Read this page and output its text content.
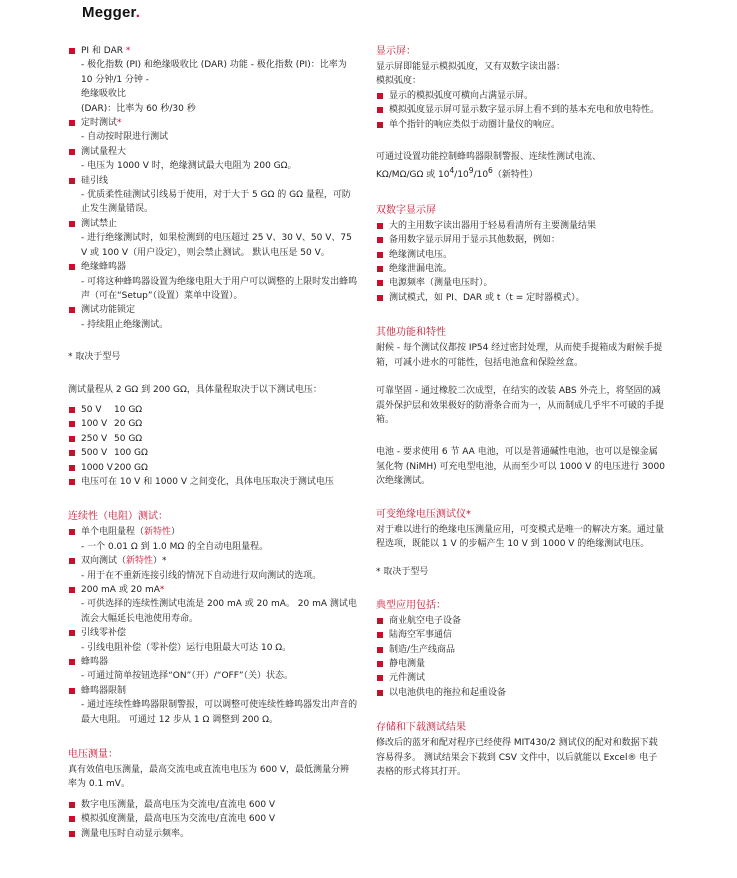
Megger.
PI 和 DAR *
- 极化指数 (PI) 和绝缘吸收比 (DAR) 功能 - 极化指数 (PI)：比率为 10 分钟/1 分钟 -
绝缘吸收比
(DAR)：比率为 60 秒/30 秒
定时测试*
- 自动按时限进行测试
测试量程大
- 电压为 1000 V 时，绝缘测试最大电阻为 200 GΩ。
硅引线
- 优质柔性硅测试引线易于使用，对于大于 5 GΩ 的 GΩ 量程，可防止发生测量错误。
测试禁止
- 进行绝缘测试时，如果检测到的电压超过 25 V、30 V、50 V、75 V 或 100 V（用户设定），则会禁止测试。 默认电压是 50 V。
绝缘蜂鸣器
- 可将这种蜂鸣器设置为绝缘电阻大于用户可以调整的上限时发出蜂鸣声（可在“Setup”（设置）菜单中设置）。
测试功能锁定
- 持续阻止绝缘测试。
* 取决于型号
测试量程从 2 GΩ 到 200 GΩ，具体量程取决于以下测试电压：
50 V 10 GΩ
100 V 20 GΩ
250 V 50 GΩ
500 V 100 GΩ
1000 V200 GΩ
电压可在 10 V 和 1000 V 之间变化，具体电压取决于测试电压
连续性（电阻）测试：
单个电阻量程（新特性）
- 一个 0.01 Ω 到 1.0 MΩ 的全自动电阻量程。
双向测试（新特性）*
- 用于在不重新连接引线的情况下自动进行双向测试的选项。
200 mA 或 20 mA*
- 可供选择的连续性测试电流是 200 mA 或 20 mA。 20 mA 测试电流会大幅延长电池使用寿命。
引线零补偿
- 引线电阻补偿（零补偿）运行电阻最大可达 10 Ω。
蜂鸣器
- 可通过简单按钮选择“ON”（开）/“OFF”（关）状态。
蜂鸣器限制
- 通过连续性蜂鸣器限制警报，可以调整可使连续性蜂鸣器发出声音的最大电阻。 可通过 12 步从 1 Ω 调整到 200 Ω。
电压测量：
真有效值电压测量，最高交流电或直流电电压为 600 V，最低测量分辨率为 0.1 mV。
数字电压测量，最高电压为交流电/直流电 600 V
模拟弧度测量，最高电压为交流电/直流电 600 V
测量电压时自动显示频率。
显示屏：
显示屏即能显示模拟弧度，又有双数字读出器：
模拟弧度：
显示的模拟弧度可横向占满显示屏。
模拟弧度显示屏可显示数字显示屏上看不到的基本充电和放电特性。
单个指针的响应类似于动圈计量仪的响应。
可通过设置功能控制蜂鸣器限制警报、连续性测试电流、
KΩ/MΩ/GΩ 或 $10^4/10^9/10^6$（新特性）
双数字显示屏
大的主用数字读出器用于轻易看清所有主要测量结果
备用数字显示屏用于显示其他数据，例如：
绝缘测试电压。
绝缘泄漏电流。
电源频率（测量电压时）。
测试模式，如 PI、DAR 或 t（t = 定时器模式）。
其他功能和特性
耐候 - 每个测试仪都按 IP54 经过密封处理，从而使手提箱成为耐候手提箱，可减小进水的可能性，包括电池盒和保险丝盒。
可靠坚固 - 通过橡胶二次成型，在结实的改装 ABS 外壳上，将坚固的减震外保护层和效果极好的防滑条合而为一，从而制成几乎牢不可破的手提箱。
电池 - 要求使用 6 节 AA 电池，可以是普通碱性电池，也可以是镍金属氢化物 (NiMH) 可充电型电池，从而至少可以 1000 V 的电压进行 3000 次绝缘测试。
可变绝缘电压测试仪*
对于难以进行的绝缘电压测量应用，可变模式是唯一的解决方案。通过量程选项，既能以 1 V 的步幅产生 10 V 到 1000 V 的绝缘测试电压。
* 取决于型号
典型应用包括：
商业航空电子设备
陆海空军事通信
制造/生产线商品
静电测量
元件测试
以电池供电的拖拉和起重设备
存储和下载测试结果
修改后的蓝牙和配对程序已经使得 MIT430/2 测试仪的配对和数据下载容易得多。 测试结果会下载到 CSV 文件中，以后就能以 Excel® 电子表格的形式将其打开。
